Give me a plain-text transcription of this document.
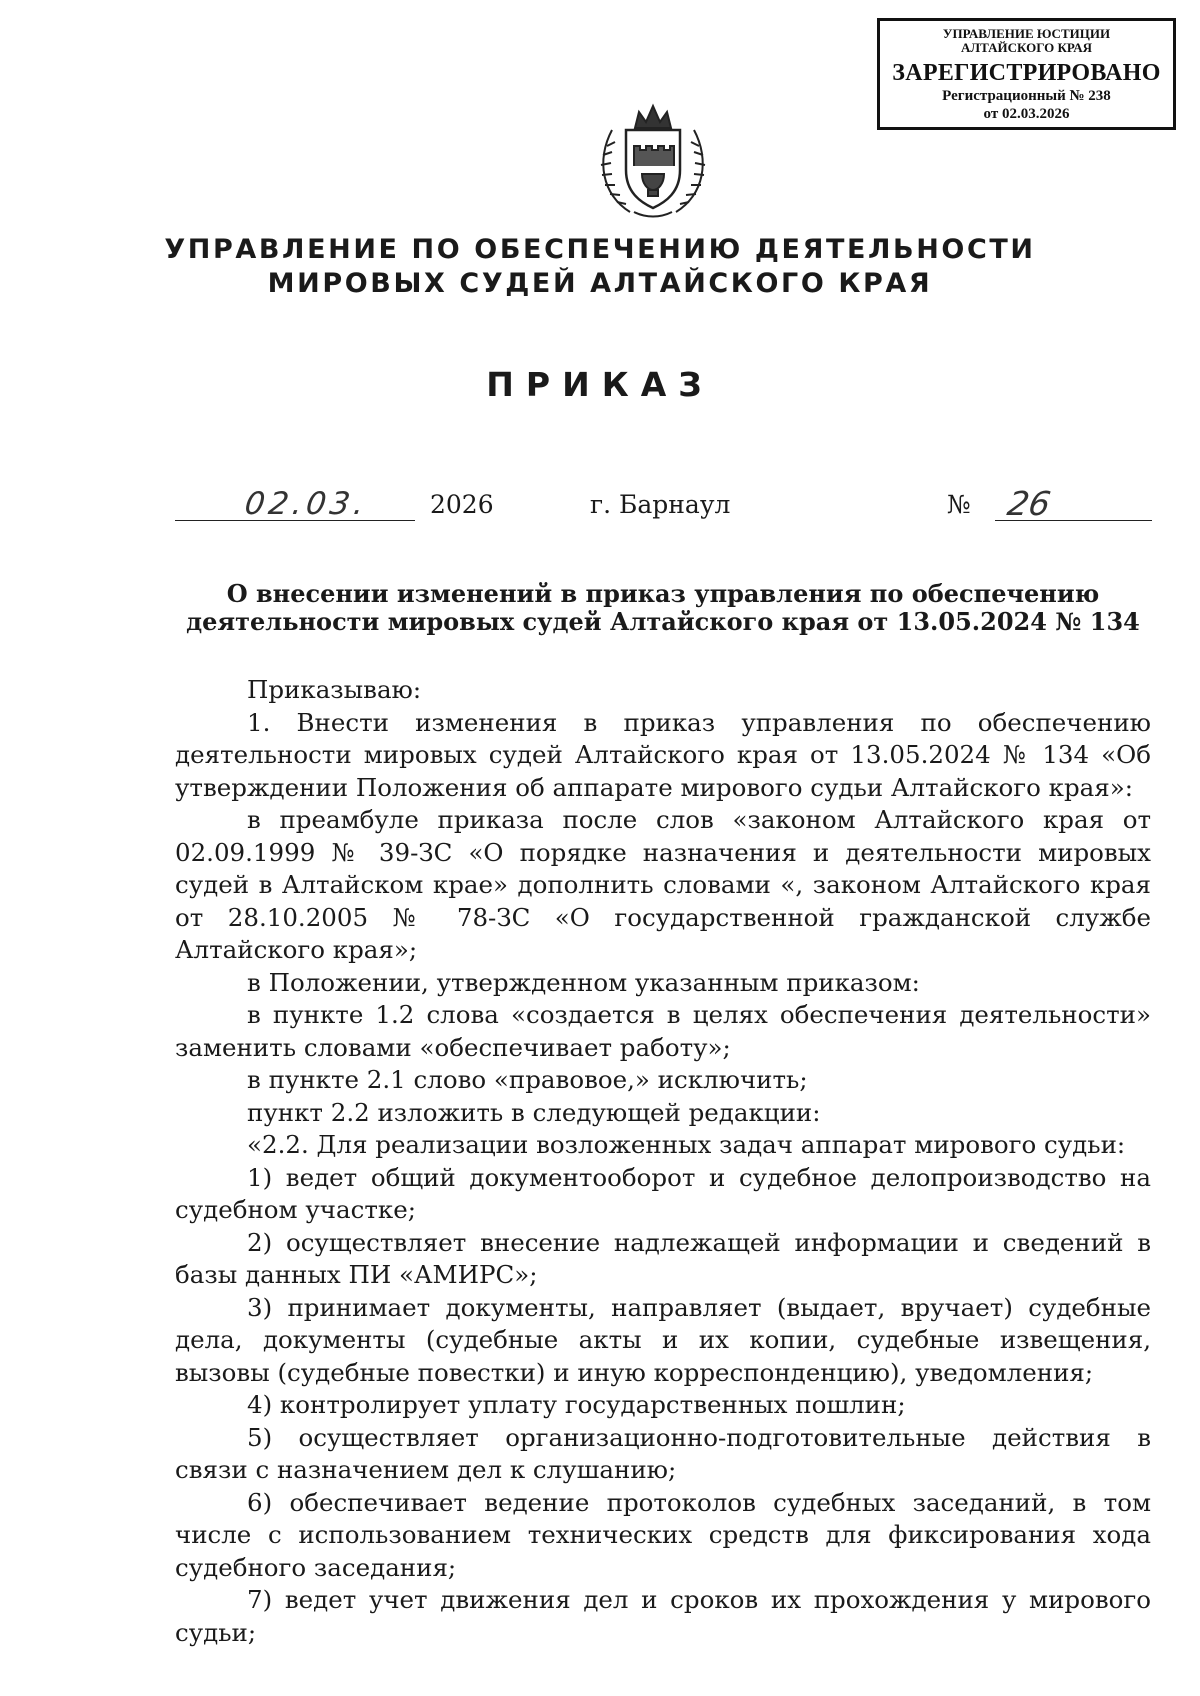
УПРАВЛЕНИЕ ЮСТИЦИИ АЛТАЙСКОГО КРАЯ
ЗАРЕГИСТРИРОВАНО
Регистрационный № 238
от 02.03.2026
УПРАВЛЕНИЕ ПО ОБЕСПЕЧЕНИЮ ДЕЯТЕЛЬНОСТИ
МИРОВЫХ СУДЕЙ АЛТАЙСКОГО КРАЯ
ПРИКАЗ
02.03. 2026	г. Барнаул	№ 26
О внесении изменений в приказ управления по обеспечению
деятельности мировых судей Алтайского края от 13.05.2024 № 134

Приказываю:

1. Внести изменения в приказ управления по обеспечению деятельности мировых судей Алтайского края от 13.05.2024 № 134 «Об утверждении Положения об аппарате мирового судьи Алтайского края»:

в преамбуле приказа после слов «законом Алтайского края от 02.09.1999 № 39-ЗС «О порядке назначения и деятельности мировых судей в Алтайском крае» дополнить словами «, законом Алтайского края от 28.10.2005 № 78-ЗС «О государственной гражданской службе Алтайского края»;

в Положении, утвержденном указанным приказом:

в пункте 1.2 слова «создается в целях обеспечения деятельности» заменить словами «обеспечивает работу»;

в пункте 2.1 слово «правовое,» исключить;

пункт 2.2 изложить в следующей редакции:

«2.2. Для реализации возложенных задач аппарат мирового судьи:

1) ведет общий документооборот и судебное делопроизводство на судебном участке;

2) осуществляет внесение надлежащей информации и сведений в базы данных ПИ «АМИРС»;

3) принимает документы, направляет (выдает, вручает) судебные дела, документы (судебные акты и их копии, судебные извещения, вызовы (судебные повестки) и иную корреспонденцию), уведомления;

4) контролирует уплату государственных пошлин;

5) осуществляет организационно-подготовительные действия в связи с назначением дел к слушанию;

6) обеспечивает ведение протоколов судебных заседаний, в том числе с использованием технических средств для фиксирования хода судебного заседания;

7) ведет учет движения дел и сроков их прохождения у мирового судьи;
